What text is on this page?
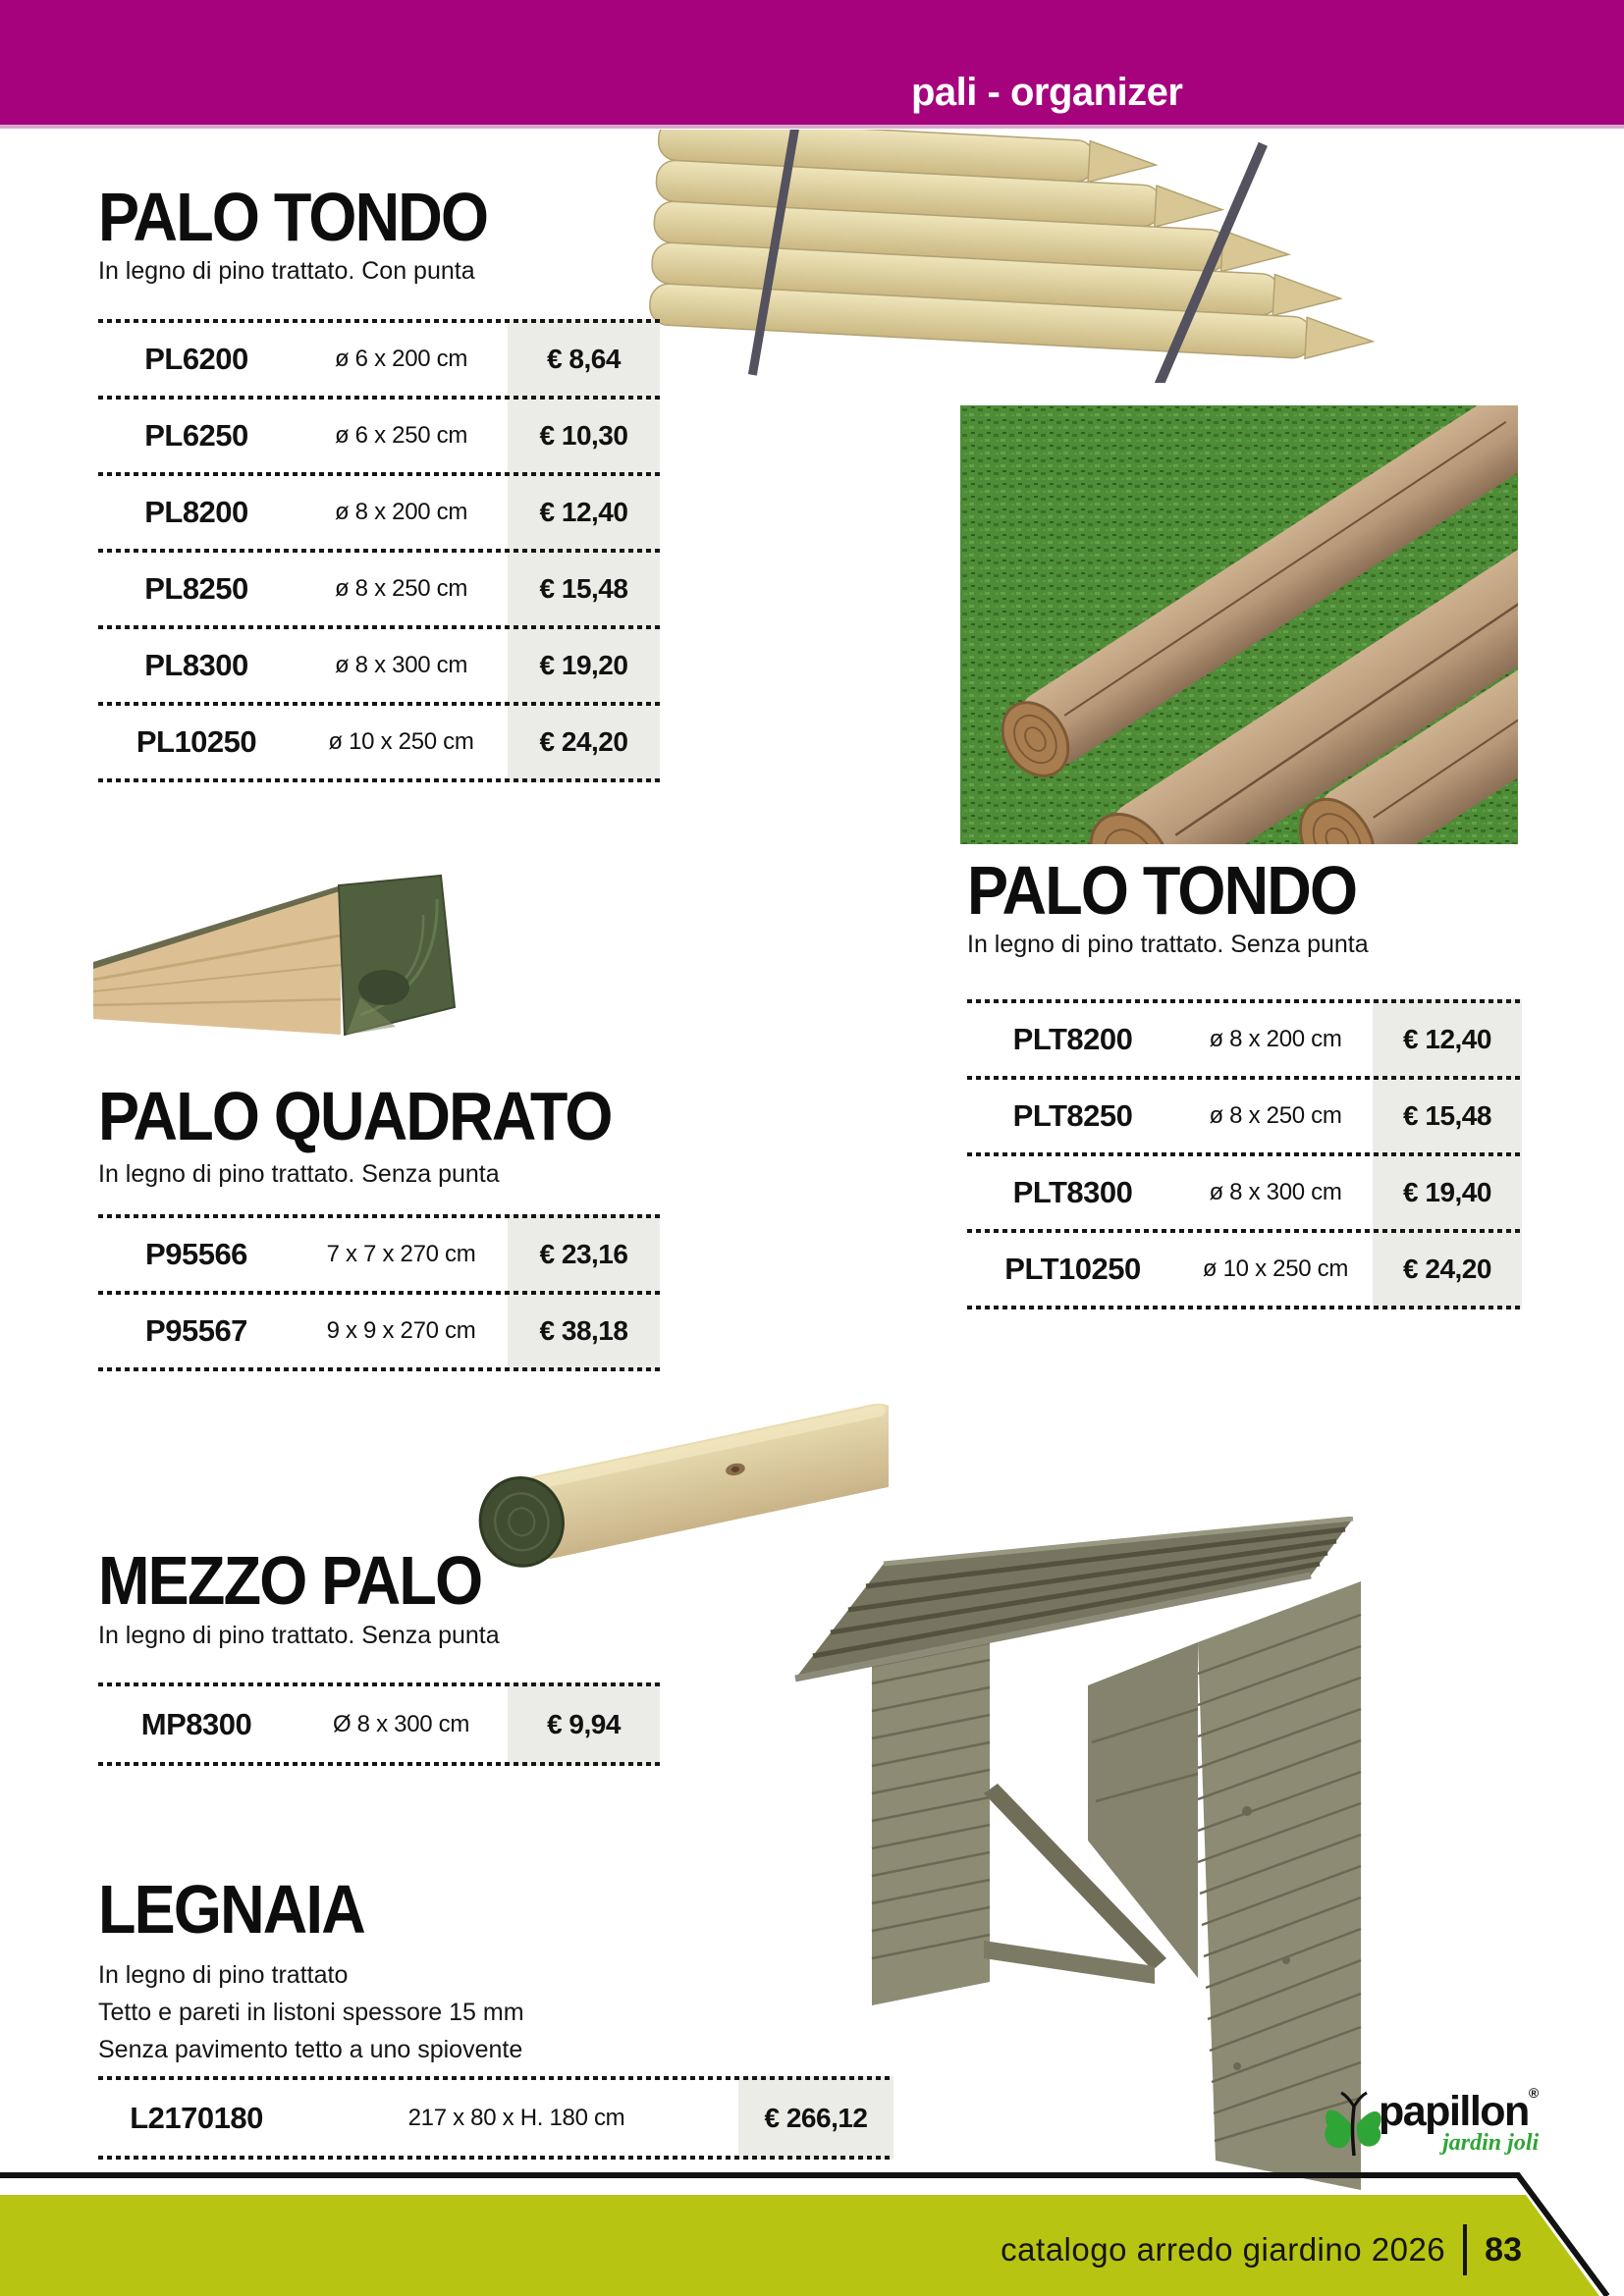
pali - organizer
PALO TONDO
In legno di pino trattato. Con punta
PL6200	ø 6 x 200 cm	€ 8,64
PL6250	ø 6 x 250 cm	€ 10,30
PL8200	ø 8 x 200 cm	€ 12,40
PL8250	ø 8 x 250 cm	€ 15,48
PL8300	ø 8 x 300 cm	€ 19,20
PL10250	ø 10 x 250 cm	€ 24,20
PALO TONDO
In legno di pino trattato. Senza punta
PLT8200	ø 8 x 200 cm	€ 12,40
PLT8250	ø 8 x 250 cm	€ 15,48
PLT8300	ø 8 x 300 cm	€ 19,40
PLT10250	ø 10 x 250 cm	€ 24,20
PALO QUADRATO
In legno di pino trattato. Senza punta
P95566	7 x 7 x 270 cm	€ 23,16
P95567	9 x 9 x 270 cm	€ 38,18
MEZZO PALO
In legno di pino trattato. Senza punta
MP8300	Ø 8 x 300 cm	€ 9,94
LEGNAIA
In legno di pino trattato
Tetto e pareti in listoni spessore 15 mm
Senza pavimento tetto a uno spiovente
L2170180	217 x 80 x H. 180 cm	€ 266,12	papillon®
jardin joli
catalogo arredo giardino 2026 83
